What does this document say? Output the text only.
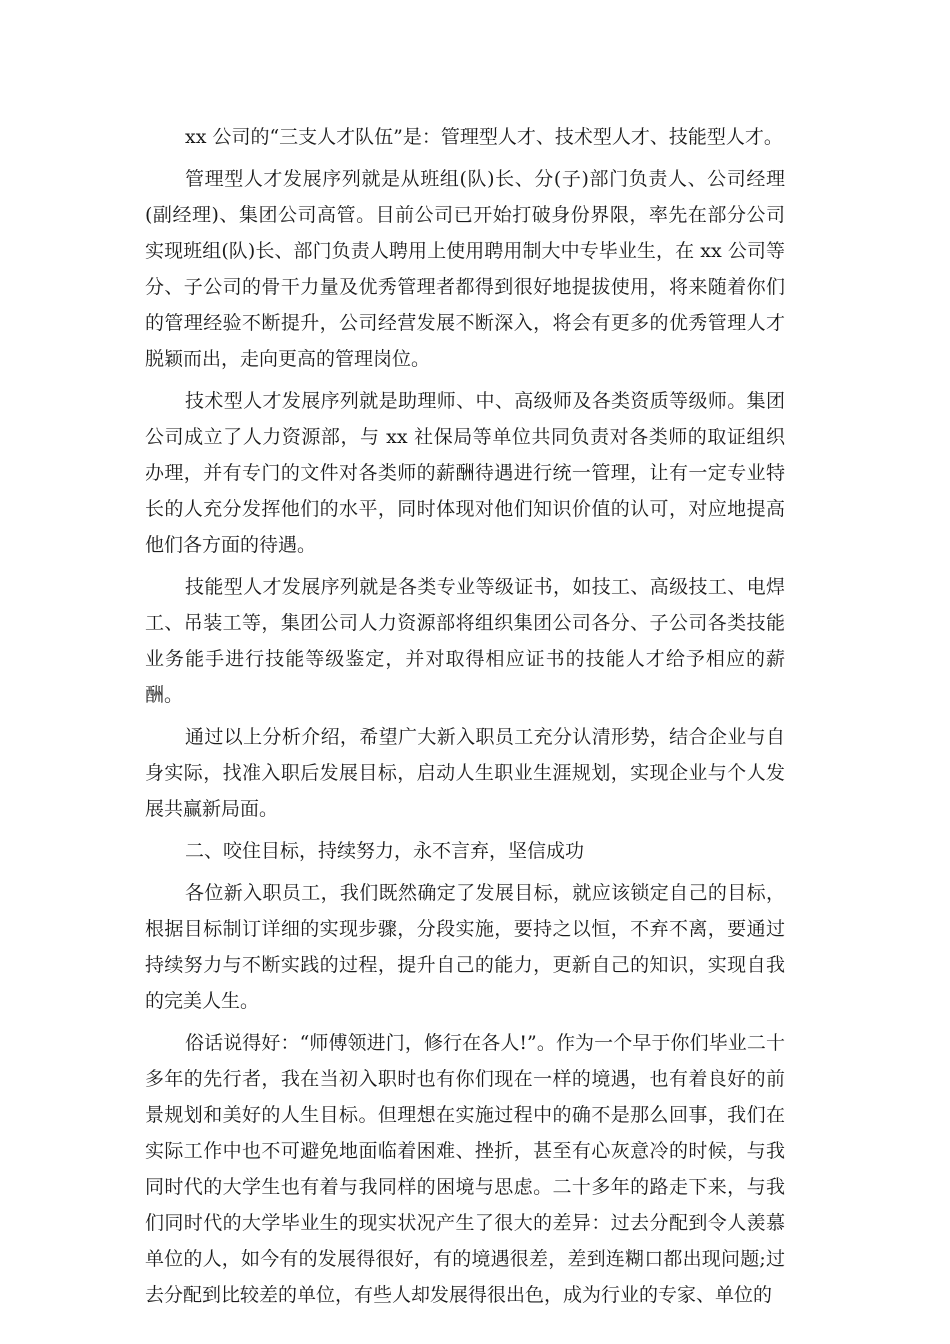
xx 公司的“三支人才队伍”是：管理型人才、技术型人才、技能型人才。

管理型人才发展序列就是从班组(队)长、分(子)部门负责人、公司经理(副经理)、集团公司高管。目前公司已开始打破身份界限，率先在部分公司实现班组(队)长、部门负责人聘用上使用聘用制大中专毕业生，在 xx 公司等分、子公司的骨干力量及优秀管理者都得到很好地提拔使用，将来随着你们的管理经验不断提升，公司经营发展不断深入，将会有更多的优秀管理人才脱颖而出，走向更高的管理岗位。

技术型人才发展序列就是助理师、中、高级师及各类资质等级师。集团公司成立了人力资源部，与 xx 社保局等单位共同负责对各类师的取证组织办理，并有专门的文件对各类师的薪酬待遇进行统一管理，让有一定专业特长的人充分发挥他们的水平，同时体现对他们知识价值的认可，对应地提高他们各方面的待遇。

技能型人才发展序列就是各类专业等级证书，如技工、高级技工、电焊工、吊装工等，集团公司人力资源部将组织集团公司各分、子公司各类技能业务能手进行技能等级鉴定，并对取得相应证书的技能人才给予相应的薪酬。

通过以上分析介绍，希望广大新入职员工充分认清形势，结合企业与自身实际，找准入职后发展目标，启动人生职业生涯规划，实现企业与个人发展共赢新局面。

二、咬住目标，持续努力，永不言弃，坚信成功

各位新入职员工，我们既然确定了发展目标，就应该锁定自己的目标，根据目标制订详细的实现步骤，分段实施，要持之以恒，不弃不离，要通过持续努力与不断实践的过程，提升自己的能力，更新自己的知识，实现自我的完美人生。

俗话说得好：“师傅领进门，修行在各人!”。作为一个早于你们毕业二十多年的先行者，我在当初入职时也有你们现在一样的境遇，也有着良好的前景规划和美好的人生目标。但理想在实施过程中的确不是那么回事，我们在实际工作中也不可避免地面临着困难、挫折，甚至有心灰意冷的时候，与我同时代的大学生也有着与我同样的困境与思虑。二十多年的路走下来，与我们同时代的大学毕业生的现实状况产生了很大的差异：过去分配到令人羡慕单位的人，如今有的发展得很好，有的境遇很差，差到连糊口都出现问题;过去分配到比较差的单位，有些人却发展得很出色，成为行业的专家、单位的
